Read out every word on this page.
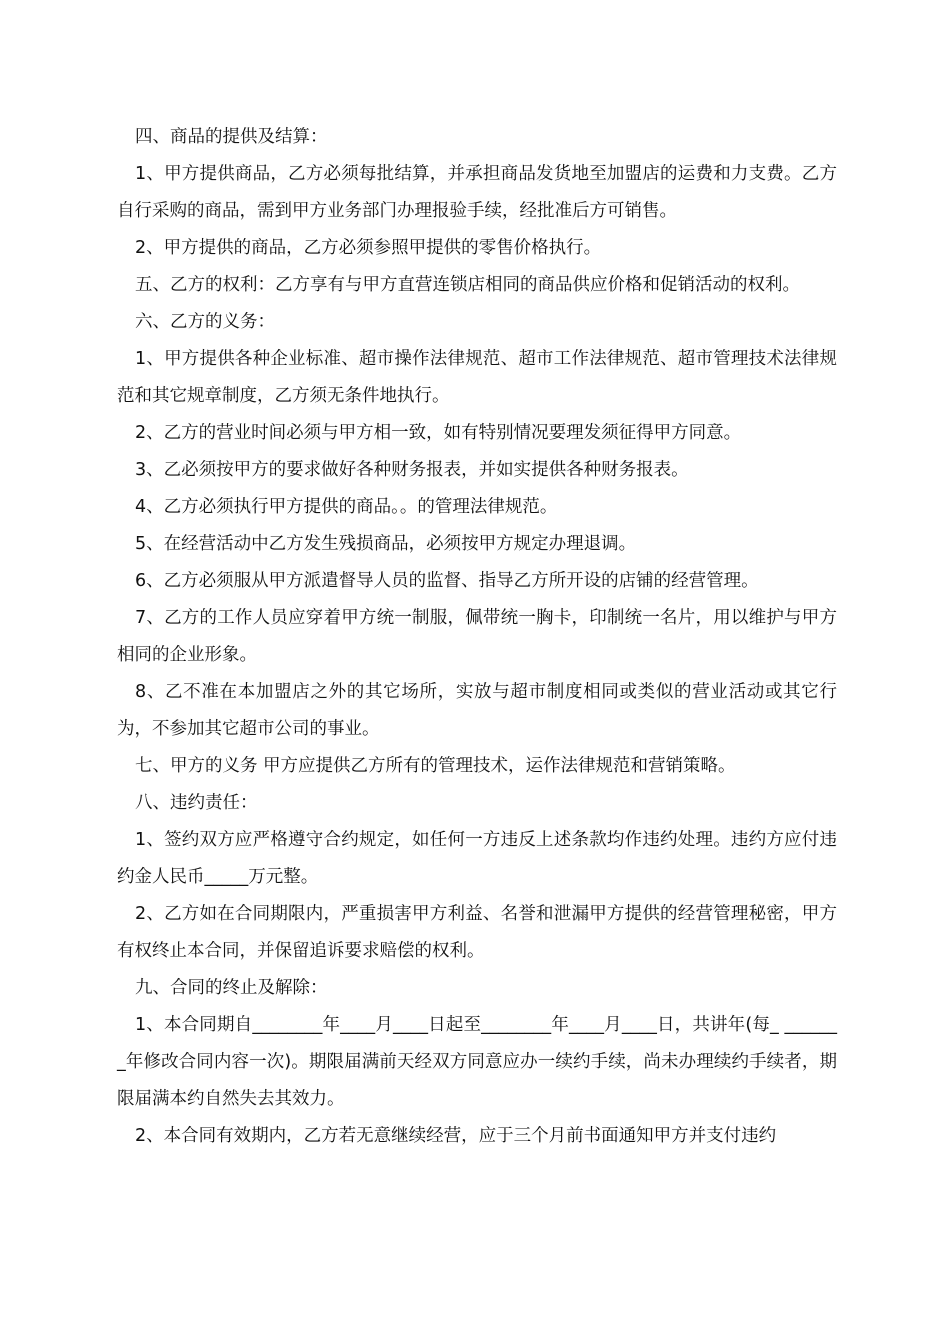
四、商品的提供及结算：

1、甲方提供商品，乙方必须每批结算，并承担商品发货地至加盟店的运费和力支费。乙方自行采购的商品，需到甲方业务部门办理报验手续，经批准后方可销售。

2、甲方提供的商品，乙方必须参照甲提供的零售价格执行。

五、乙方的权利：乙方享有与甲方直营连锁店相同的商品供应价格和促销活动的权利。

六、乙方的义务：

1、甲方提供各种企业标准、超市操作法律规范、超市工作法律规范、超市管理技术法律规范和其它规章制度，乙方须无条件地执行。

2、乙方的营业时间必须与甲方相一致，如有特别情况要理发须征得甲方同意。

3、乙必须按甲方的要求做好各种财务报表，并如实提供各种财务报表。

4、乙方必须执行甲方提供的商品。。的管理法律规范。

5、在经营活动中乙方发生残损商品，必须按甲方规定办理退调。

6、乙方必须服从甲方派遣督导人员的监督、指导乙方所开设的店铺的经营管理。

7、乙方的工作人员应穿着甲方统一制服，佩带统一胸卡，印制统一名片，用以维护与甲方相同的企业形象。

8、乙不准在本加盟店之外的其它场所，实放与超市制度相同或类似的营业活动或其它行为，不参加其它超市公司的事业。

七、甲方的义务 甲方应提供乙方所有的管理技术，运作法律规范和营销策略。

八、违约责任：

1、签约双方应严格遵守合约规定，如任何一方违反上述条款均作违约处理。违约方应付违约金人民币_____万元整。

2、乙方如在合同期限内，严重损害甲方利益、名誉和泄漏甲方提供的经营管理秘密，甲方有权终止本合同，并保留追诉要求赔偿的权利。

九、合同的终止及解除：

1、本合同期自________年____月____日起至________年____月____日，共讲年(每_ _______年修改合同内容一次)。期限届满前天经双方同意应办一续约手续，尚未办理续约手续者，期限届满本约自然失去其效力。

2、本合同有效期内，乙方若无意继续经营，应于三个月前书面通知甲方并支付违约
